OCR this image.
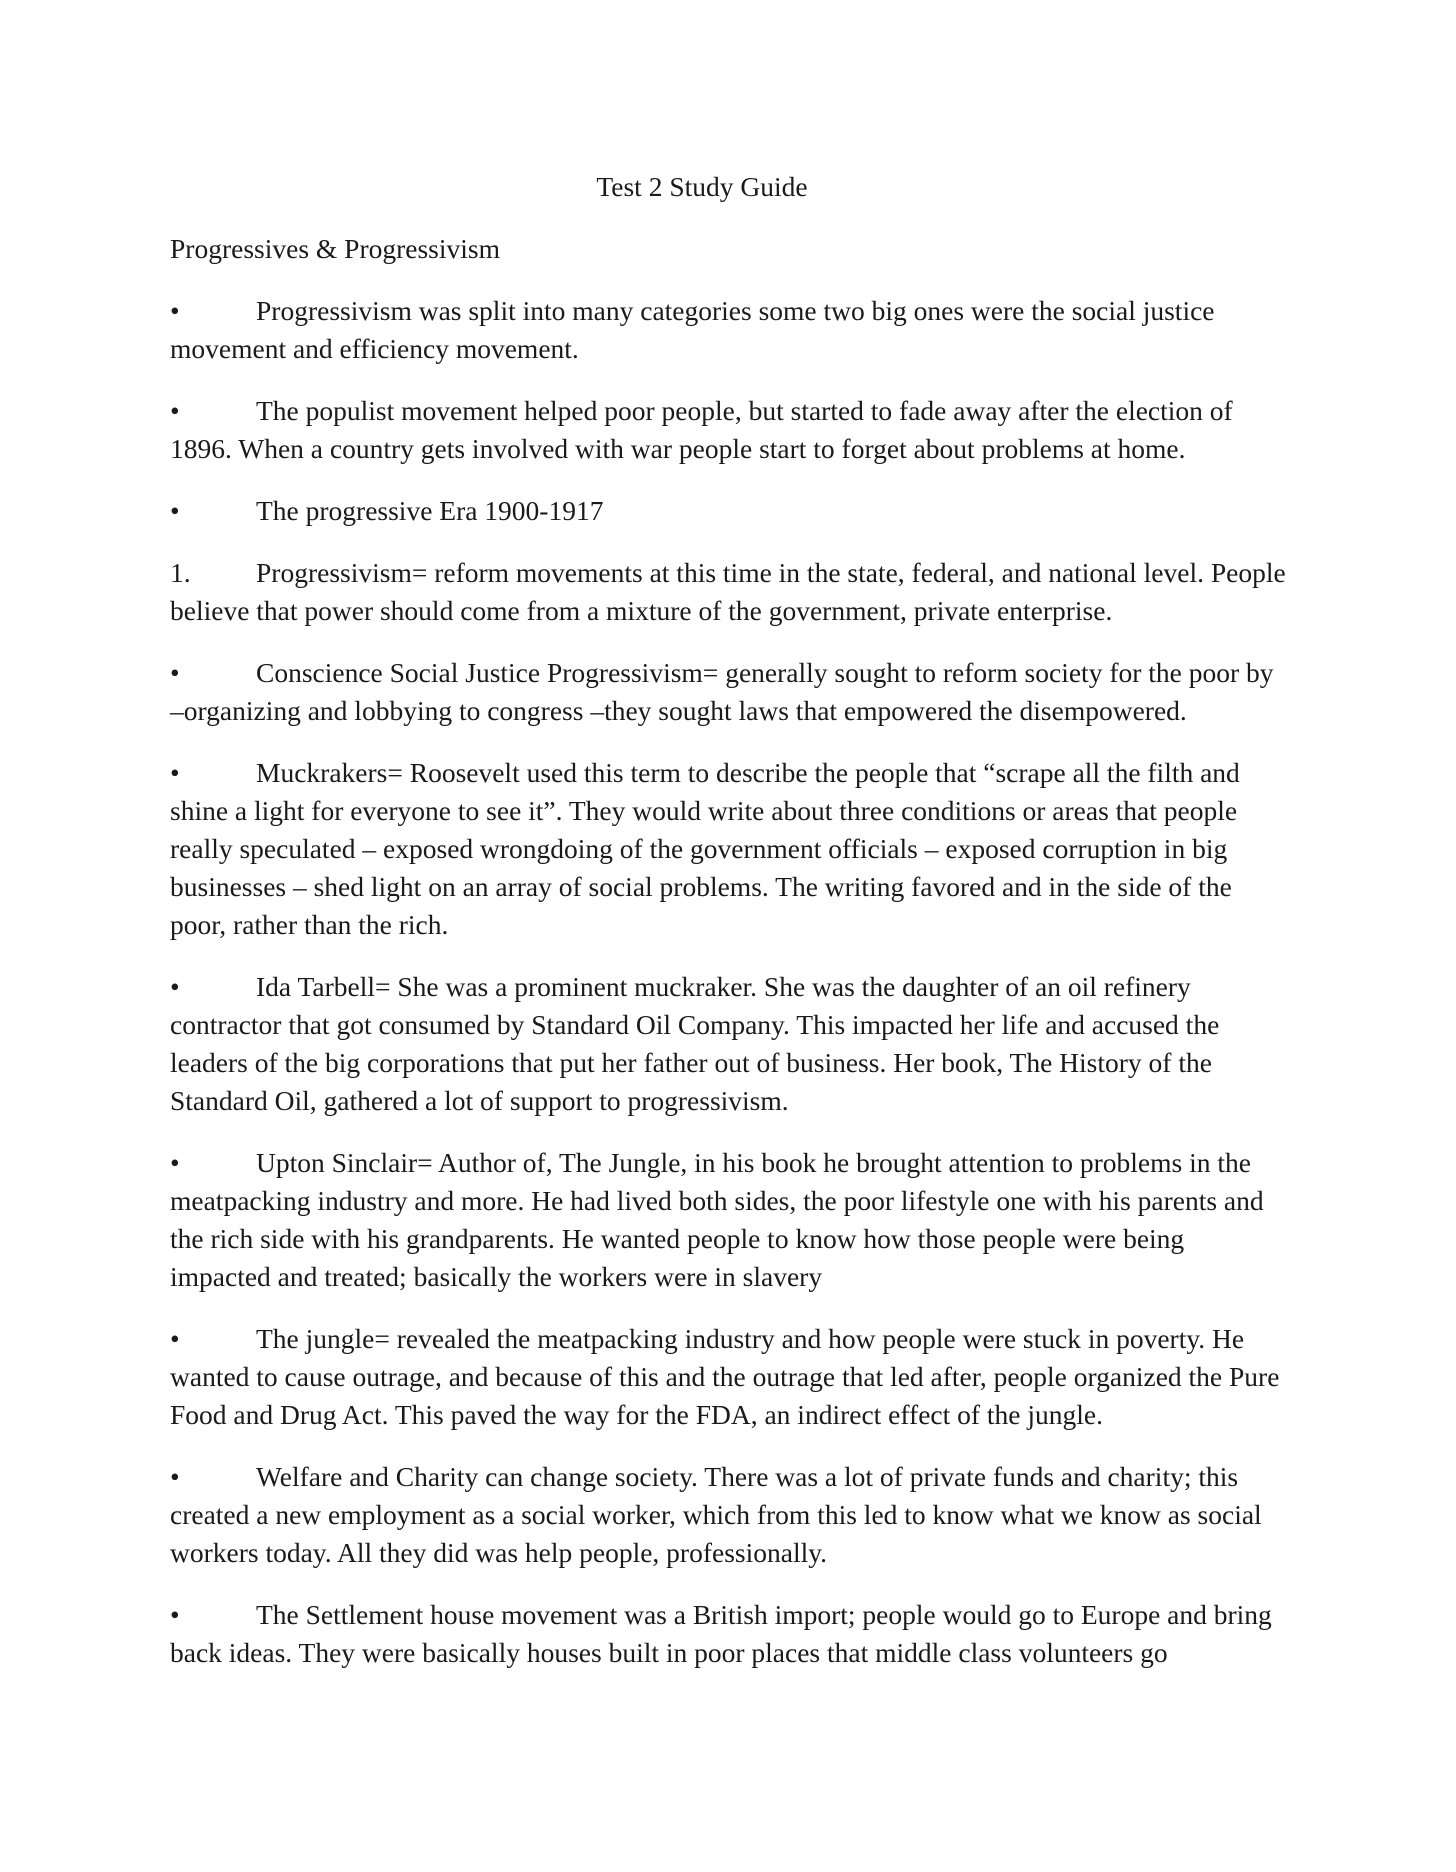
Test 2 Study Guide
Progressives & Progressivism
•	Progressivism was split into many categories some two big ones were the social justice movement and efficiency movement.
•	The populist movement helped poor people, but started to fade away after the election of 1896. When a country gets involved with war people start to forget about problems at home.
•	The progressive Era 1900-1917
1. Progressivism= reform movements at this time in the state, federal, and national level. People believe that power should come from a mixture of the government, private enterprise.
•	Conscience Social Justice Progressivism= generally sought to reform society for the poor by –organizing and lobbying to congress –they sought laws that empowered the disempowered.
•	Muckrakers= Roosevelt used this term to describe the people that “scrape all the filth and shine a light for everyone to see it”. They would write about three conditions or areas that people really speculated – exposed wrongdoing of the government officials – exposed corruption in big businesses – shed light on an array of social problems. The writing favored and in the side of the poor, rather than the rich.
•	Ida Tarbell= She was a prominent muckraker. She was the daughter of an oil refinery contractor that got consumed by Standard Oil Company. This impacted her life and accused the leaders of the big corporations that put her father out of business. Her book, The History of the Standard Oil, gathered a lot of support to progressivism.
•	Upton Sinclair= Author of, The Jungle, in his book he brought attention to problems in the meatpacking industry and more. He had lived both sides, the poor lifestyle one with his parents and the rich side with his grandparents. He wanted people to know how those people were being impacted and treated; basically the workers were in slavery
•	The jungle= revealed the meatpacking industry and how people were stuck in poverty. He wanted to cause outrage, and because of this and the outrage that led after, people organized the Pure Food and Drug Act. This paved the way for the FDA, an indirect effect of the jungle.
•	Welfare and Charity can change society. There was a lot of private funds and charity; this created a new employment as a social worker, which from this led to know what we know as social workers today. All they did was help people, professionally.
•	The Settlement house movement was a British import; people would go to Europe and bring back ideas. They were basically houses built in poor places that middle class volunteers go
